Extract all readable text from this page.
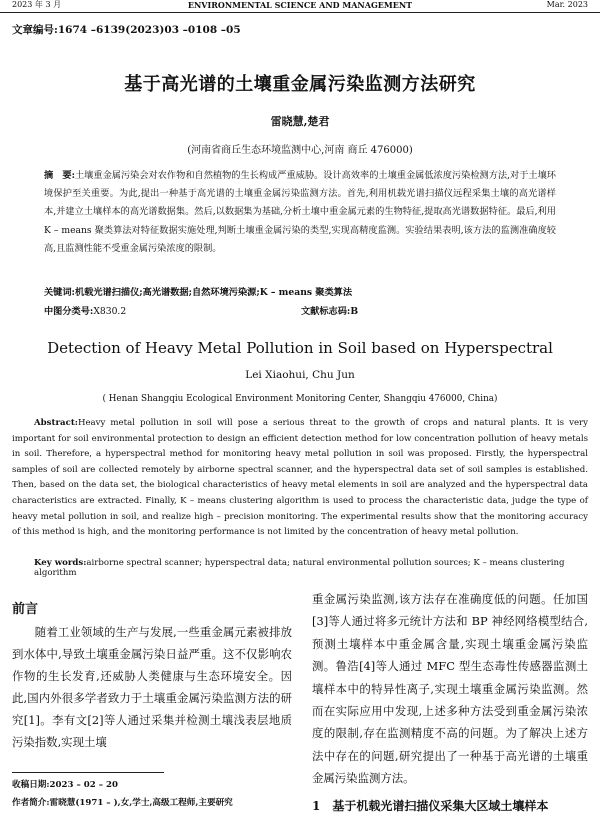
2023 年 3 月	ENVIRONMENTAL SCIENCE AND MANAGEMENT	Mar. 2023
文章编号:1674 –6139(2023)03 –0108 –05
基于高光谱的土壤重金属污染监测方法研究
雷晓慧,楚君
(河南省商丘生态环境监测中心,河南 商丘 476000)
摘　要:土壤重金属污染会对农作物和自然植物的生长构成严重威胁。设计高效率的土壤重金属低浓度污染检测方法,对于土壤环境保护至关重要。为此,提出一种基于高光谱的土壤重金属污染监测方法。首先,利用机载光谱扫描仪远程采集土壤的高光谱样本,并建立土壤样本的高光谱数据集。然后,以数据集为基础,分析土壤中重金属元素的生物特征,提取高光谱数据特征。最后,利用 K – means 聚类算法对特征数据实施处理,判断土壤重金属污染的类型,实现高精度监测。实验结果表明,该方法的监测准确度较高,且监测性能不受重金属污染浓度的限制。
关键词:机载光谱扫描仪;高光谱数据;自然环境污染源;K – means 聚类算法
中图分类号:X830.2	文献标志码:B
Detection of Heavy Metal Pollution in Soil based on Hyperspectral
Lei Xiaohui, Chu Jun
( Henan Shangqiu Ecological Environment Monitoring Center, Shangqiu 476000, China)
Abstract:Heavy metal pollution in soil will pose a serious threat to the growth of crops and natural plants. It is very important for soil environmental protection to design an efficient detection method for low concentration pollution of heavy metals in soil. Therefore, a hyperspectral method for monitoring heavy metal pollution in soil was proposed. Firstly, the hyperspectral samples of soil are collected remotely by airborne spectral scanner, and the hyperspectral data set of soil samples is established. Then, based on the data set, the biological characteristics of heavy metal elements in soil are analyzed and the hyperspectral data characteristics are extracted. Finally, K – means clustering algorithm is used to process the characteristic data, judge the type of heavy metal pollution in soil, and realize high – precision monitoring. The experimental results show that the monitoring accuracy of this method is high, and the monitoring performance is not limited by the concentration of heavy metal pollution.
Key words:airborne spectral scanner; hyperspectral data; natural environmental pollution sources; K – means clustering algorithm
前言

随着工业领域的生产与发展,一些重金属元素被排放到水体中,导致土壤重金属污染日益严重。这不仅影响农作物的生长发育,还威胁人类健康与生态环境安全。因此,国内外很多学者致力于土壤重金属污染监测方法的研究[1]。李有文[2]等人通过采集并检测土壤浅表层地质污染指数,实现土壤

重金属污染监测,该方法存在准确度低的问题。任加国[3]等人通过将多元统计方法和 BP 神经网络模型结合,预测土壤样本中重金属含量,实现土壤重金属污染监测。鲁浩[4]等人通过 MFC 型生态毒性传感器监测土壤样本中的特异性离子,实现土壤重金属污染监测。然而在实际应用中发现,上述多种方法受到重金属污染浓度的限制,存在监测精度不高的问题。为了解决上述方法中存在的问题,研究提出了一种基于高光谱的土壤重金属污染监测方法。

收稿日期:2023 – 02 – 20
作者简介:雷晓慧(1971 – ),女,学士,高级工程师,主要研究	1　基于机载光谱扫描仪采集大区域土壤样本
